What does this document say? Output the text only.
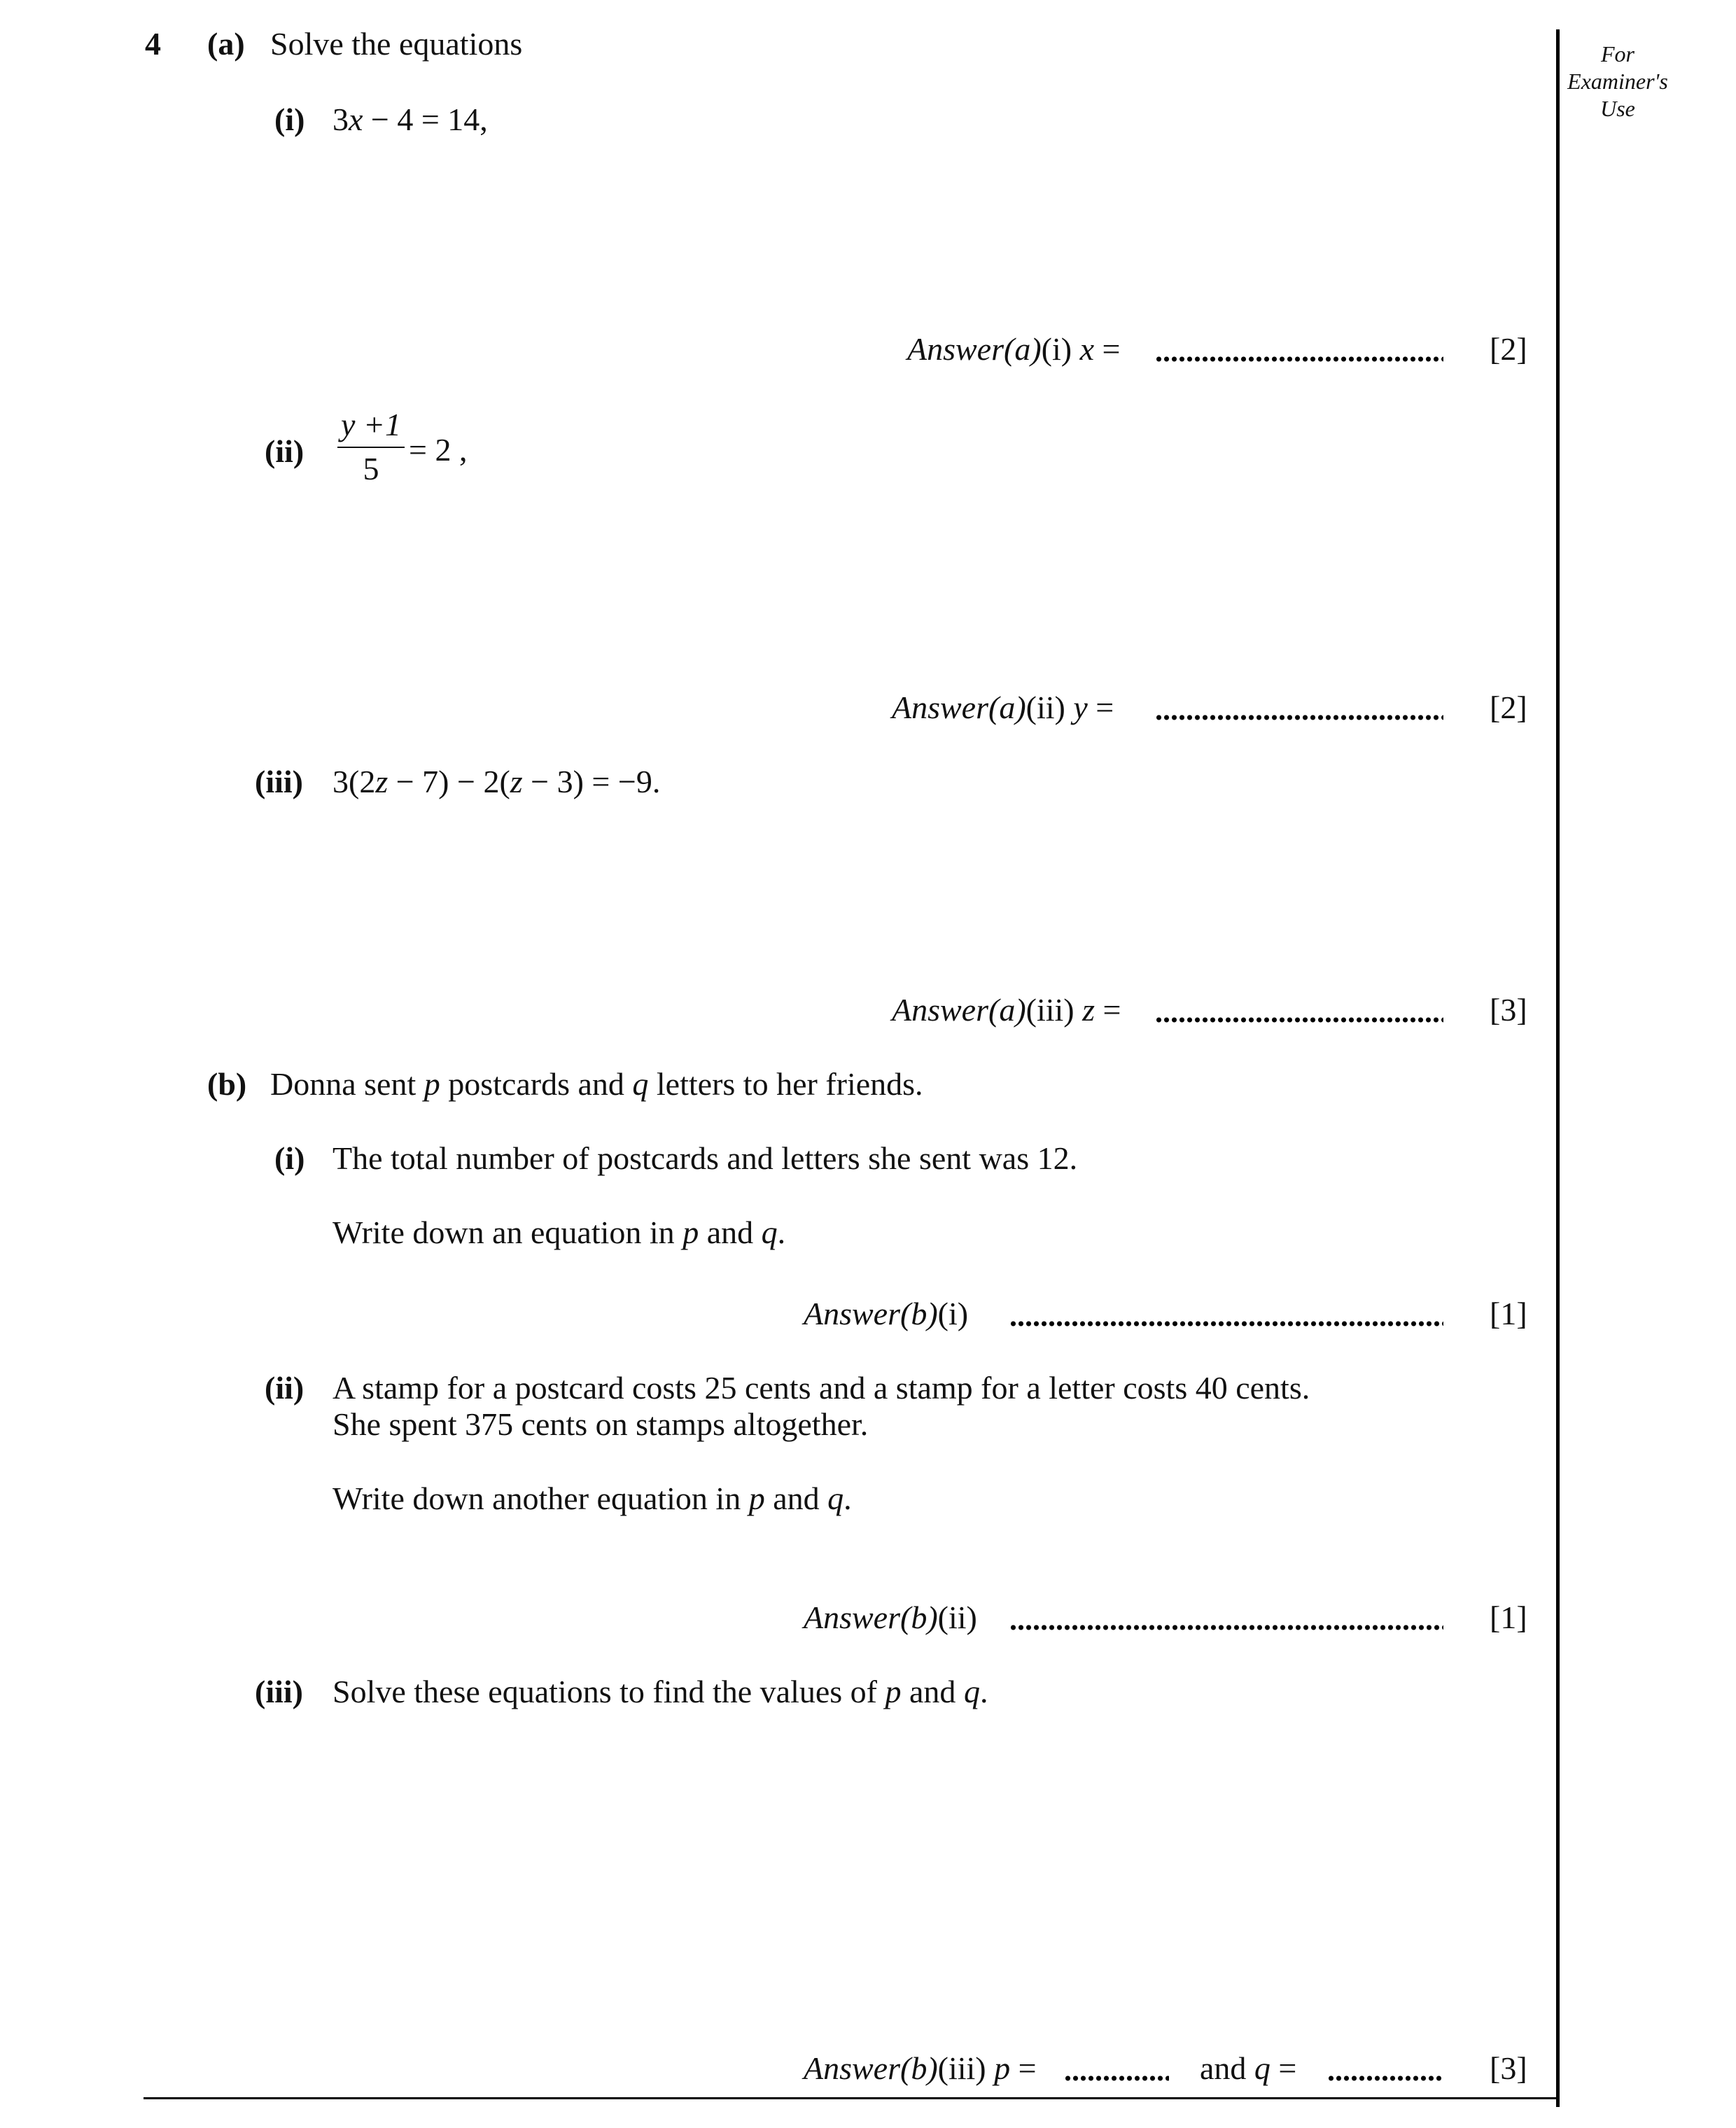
For Examiner's Use
4 (a) Solve the equations
(i) 3x − 4 = 14,
Answer(a)(i) x =	[2]
(ii)
y +1
5
= 2 ,
Answer(a)(ii) y =	[2]
(iii) 3(2z − 7) − 2(z − 3) = −9.
Answer(a)(iii) z =	[3]
(b) Donna sent p postcards and q letters to her friends.
(i) The total number of postcards and letters she sent was 12.
Write down an equation in p and q.
Answer(b)(i)	[1]
(ii) A stamp for a postcard costs 25 cents and a stamp for a letter costs 40 cents.
She spent 375 cents on stamps altogether.
Write down another equation in p and q.
Answer(b)(ii)	[1]
(iii) Solve these equations to find the values of p and q.
Answer(b)(iii) p =	and q =	[3]
